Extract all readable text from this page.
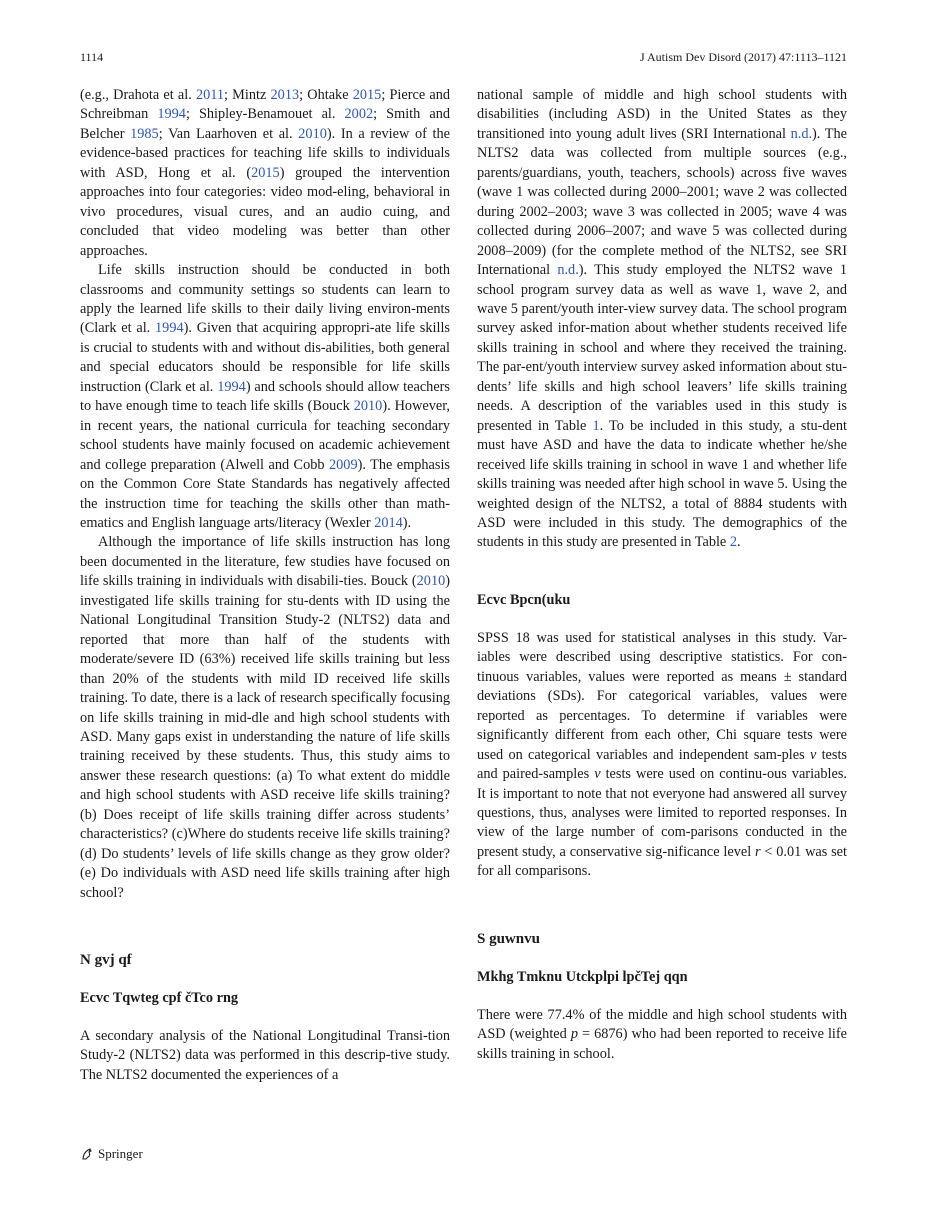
1114	J Autism Dev Disord (2017) 47:1113–1121

(e.g., Drahota et al. 2011; Mintz 2013; Ohtake 2015; Pierce and Schreibman 1994; Shipley-Benamouet al. 2002; Smith and Belcher 1985; Van Laarhoven et al. 2010). In a review of the evidence-based practices for teaching life skills to individuals with ASD, Hong et al. (2015) grouped the intervention approaches into four categories: video mod-eling, behavioral in vivo procedures, visual cures, and an audio cuing, and concluded that video modeling was better than other approaches.

Life skills instruction should be conducted in both classrooms and community settings so students can learn to apply the learned life skills to their daily living environ-ments (Clark et al. 1994). Given that acquiring appropri-ate life skills is crucial to students with and without dis-abilities, both general and special educators should be responsible for life skills instruction (Clark et al. 1994) and schools should allow teachers to have enough time to teach life skills (Bouck 2010). However, in recent years, the national curricula for teaching secondary school students have mainly focused on academic achievement and college preparation (Alwell and Cobb 2009). The emphasis on the Common Core State Standards has negatively affected the instruction time for teaching the skills other than math-ematics and English language arts/literacy (Wexler 2014).

Although the importance of life skills instruction has long been documented in the literature, few studies have focused on life skills training in individuals with disabili-ties. Bouck (2010) investigated life skills training for stu-dents with ID using the National Longitudinal Transition Study-2 (NLTS2) data and reported that more than half of the students with moderate/severe ID (63%) received life skills training but less than 20% of the students with mild ID received life skills training. To date, there is a lack of research specifically focusing on life skills training in mid-dle and high school students with ASD. Many gaps exist in understanding the nature of life skills training received by these students. Thus, this study aims to answer these research questions: (a) To what extent do middle and high school students with ASD receive life skills training? (b) Does receipt of life skills training differ across students’ characteristics? (c)Where do students receive life skills training? (d) Do students’ levels of life skills change as they grow older? (e) Do individuals with ASD need life skills training after high school?

N gvj qf
Ecvc Tqwteg cpf čTco rng

A secondary analysis of the National Longitudinal Transi-tion Study-2 (NLTS2) data was performed in this descrip-tive study. The NLTS2 documented the experiences of a

national sample of middle and high school students with disabilities (including ASD) in the United States as they transitioned into young adult lives (SRI International n.d.). The NLTS2 data was collected from multiple sources (e.g., parents/guardians, youth, teachers, schools) across five waves (wave 1 was collected during 2000–2001; wave 2 was collected during 2002–2003; wave 3 was collected in 2005; wave 4 was collected during 2006–2007; and wave 5 was collected during 2008–2009) (for the complete method of the NLTS2, see SRI International n.d.). This study employed the NLTS2 wave 1 school program survey data as well as wave 1, wave 2, and wave 5 parent/youth inter-view survey data. The school program survey asked infor-mation about whether students received life skills training in school and where they received the training. The par-ent/youth interview survey asked information about stu-dents’ life skills and high school leavers’ life skills training needs. A description of the variables used in this study is presented in Table 1. To be included in this study, a stu-dent must have ASD and have the data to indicate whether he/she received life skills training in school in wave 1 and whether life skills training was needed after high school in wave 5. Using the weighted design of the NLTS2, a total of 8884 students with ASD were included in this study. The demographics of the students in this study are presented in Table 2.

Ecvc Bpcn(uku

SPSS 18 was used for statistical analyses in this study. Var-iables were described using descriptive statistics. For con-tinuous variables, values were reported as means ± standard deviations (SDs). For categorical variables, values were reported as percentages. To determine if variables were significantly different from each other, Chi square tests were used on categorical variables and independent sam-ples v tests and paired-samples v tests were used on continu-ous variables. It is important to note that not everyone had answered all survey questions, thus, analyses were limited to reported responses. In view of the large number of com-parisons conducted in the present study, a conservative sig-nificance level r < 0.01 was set for all comparisons.

S guwnvu
Mkhg Tmknu Utckplpi lpčTej qqn

There were 77.4% of the middle and high school students with ASD (weighted p = 6876) who had been reported to receive life skills training in school.

Springer
